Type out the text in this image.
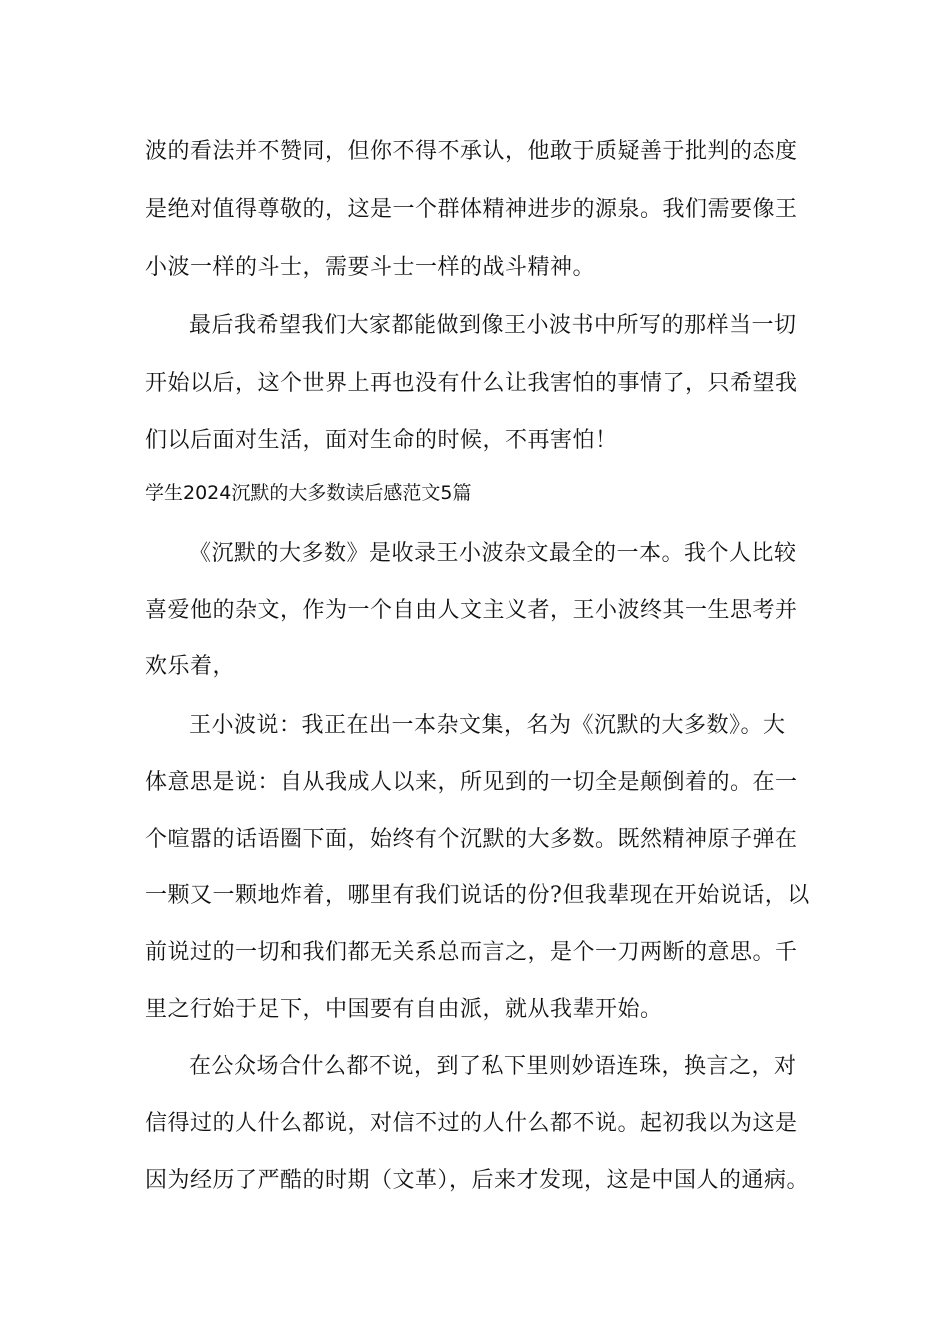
波的看法并不赞同，但你不得不承认，他敢于质疑善于批判的态度
是绝对值得尊敬的，这是一个群体精神进步的源泉。我们需要像王
小波一样的斗士，需要斗士一样的战斗精神。
最后我希望我们大家都能做到像王小波书中所写的那样当一切
开始以后，这个世界上再也没有什么让我害怕的事情了，只希望我
们以后面对生活，面对生命的时候，不再害怕！
学生2024沉默的大多数读后感范文5篇
《沉默的大多数》是收录王小波杂文最全的一本。我个人比较
喜爱他的杂文，作为一个自由人文主义者，王小波终其一生思考并
欢乐着，
王小波说：我正在出一本杂文集，名为《沉默的大多数》。大
体意思是说：自从我成人以来，所见到的一切全是颠倒着的。在一
个喧嚣的话语圈下面，始终有个沉默的大多数。既然精神原子弹在
一颗又一颗地炸着，哪里有我们说话的份?但我辈现在开始说话，以
前说过的一切和我们都无关系总而言之，是个一刀两断的意思。千
里之行始于足下，中国要有自由派，就从我辈开始。
在公众场合什么都不说，到了私下里则妙语连珠，换言之，对
信得过的人什么都说，对信不过的人什么都不说。起初我以为这是
因为经历了严酷的时期（文革），后来才发现，这是中国人的通病。
